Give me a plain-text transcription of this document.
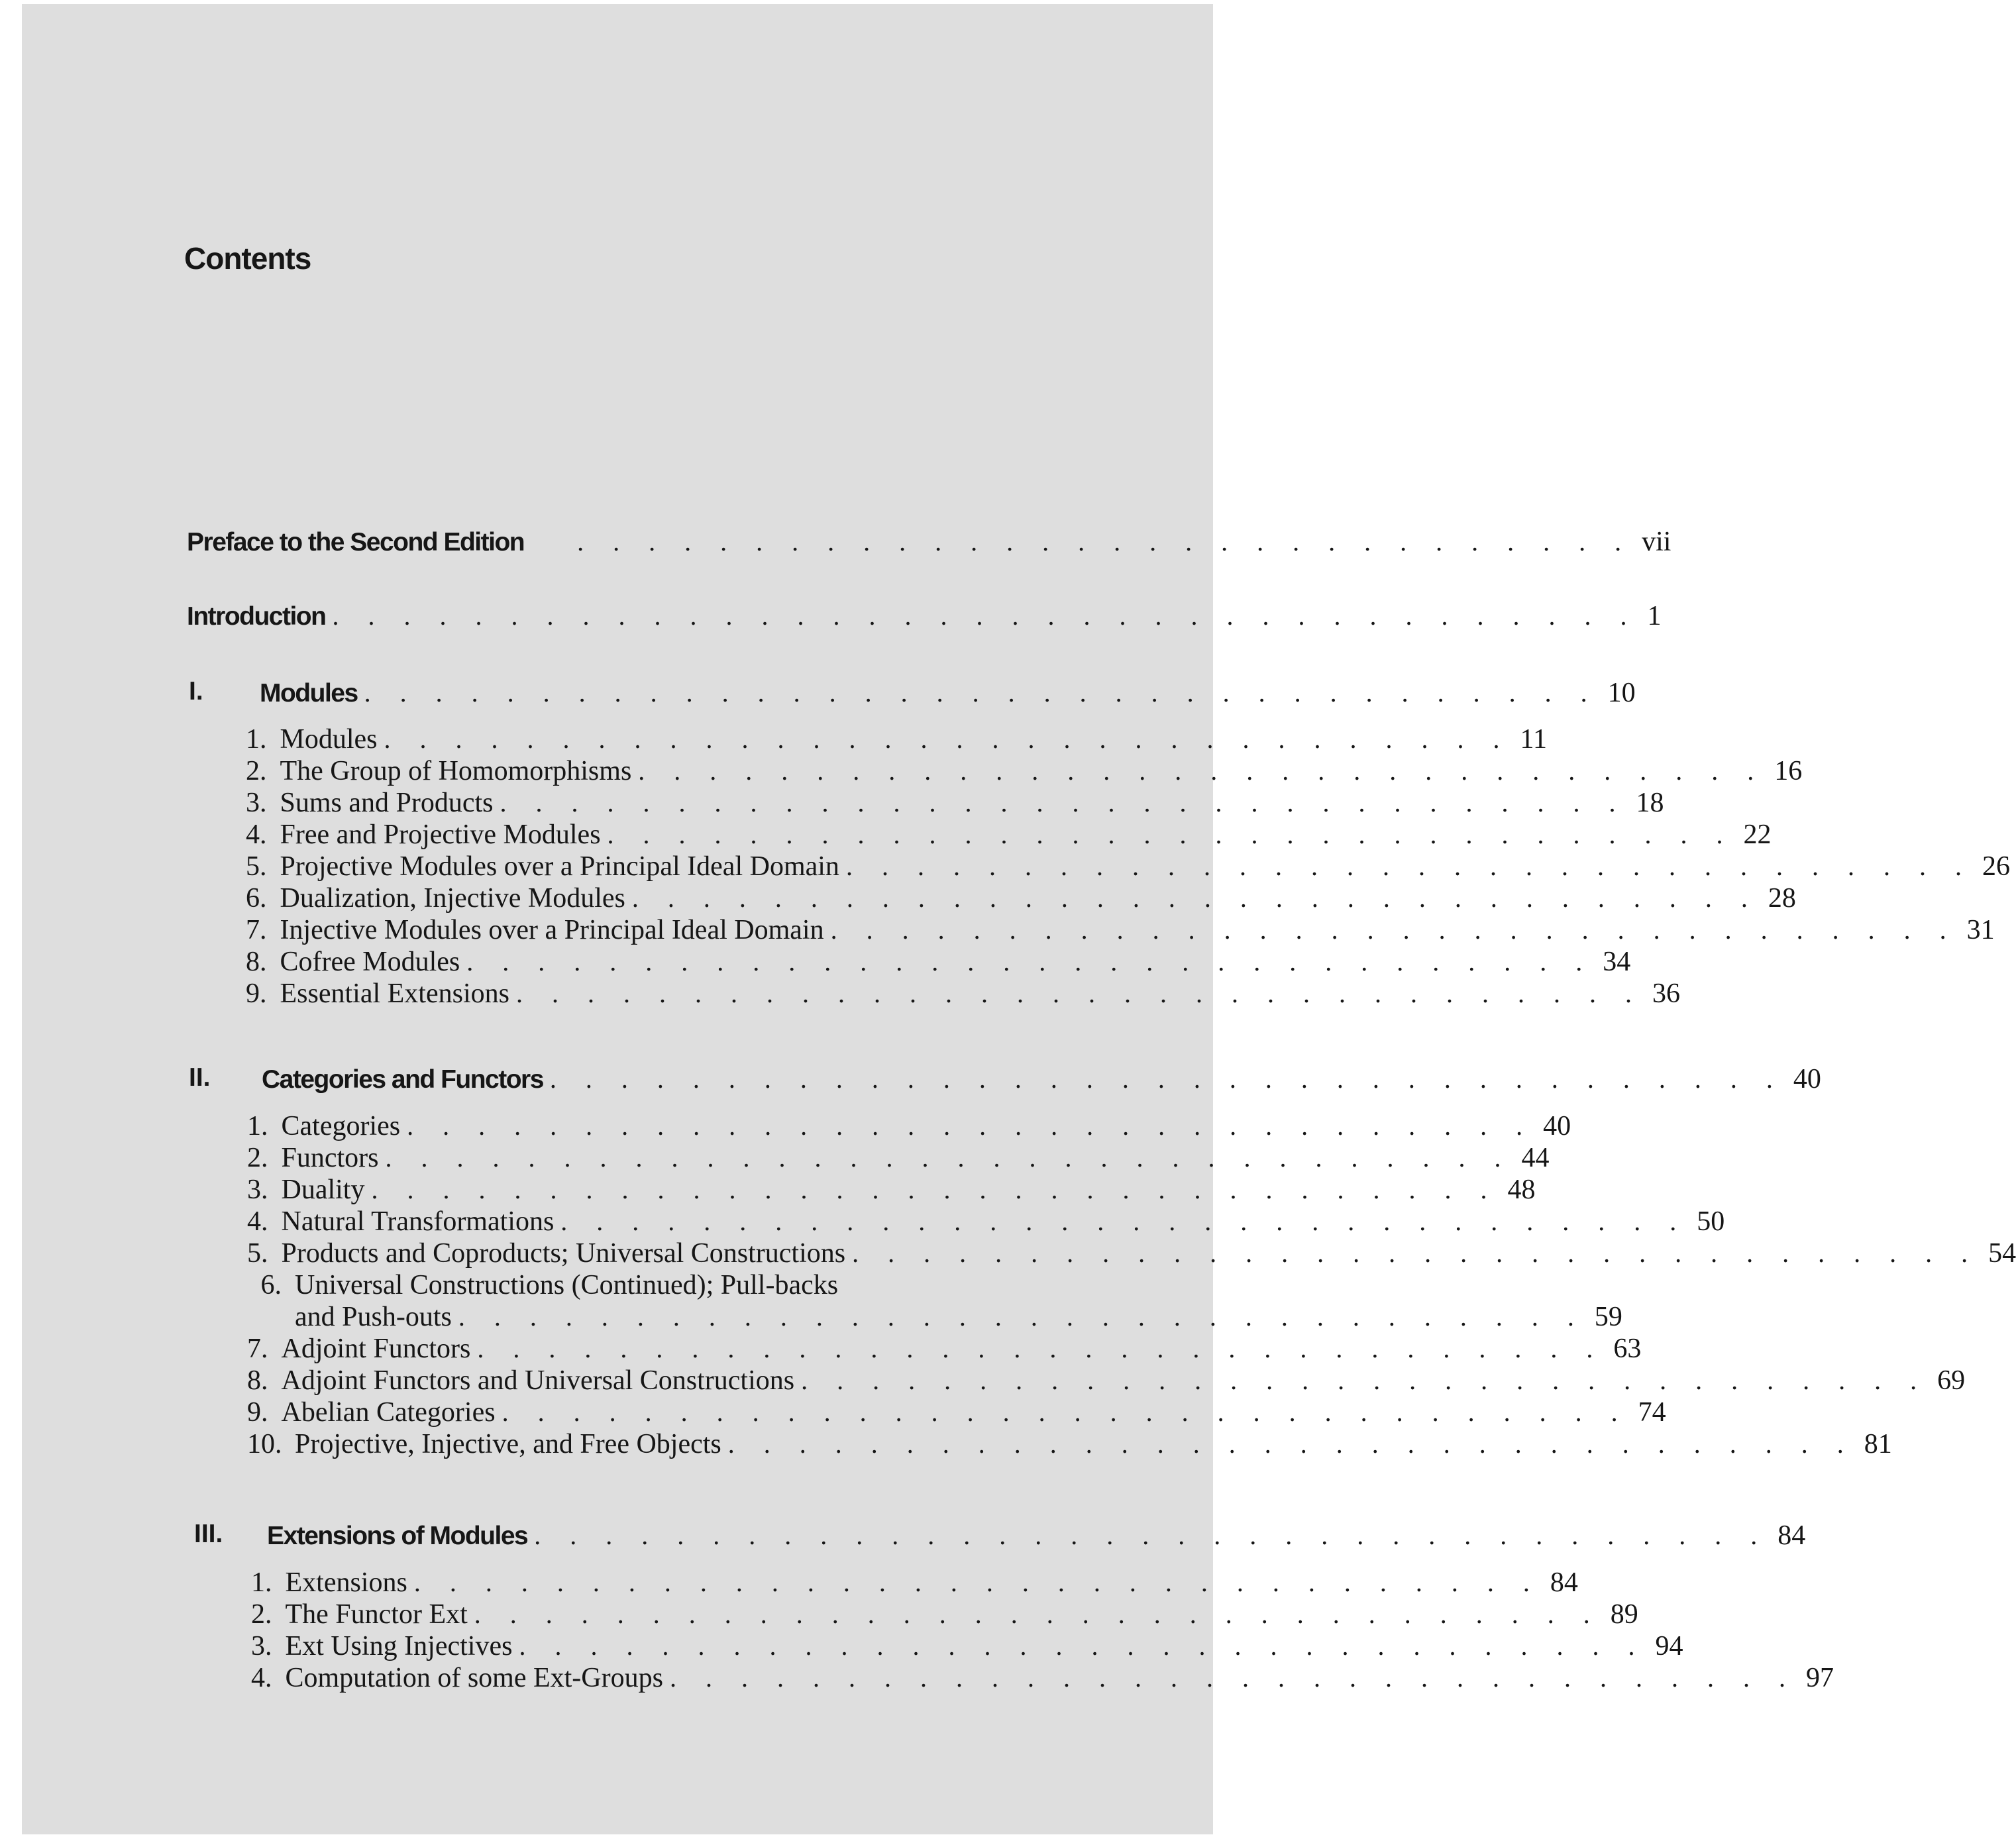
Contents
Preface to the Second Edition . . . . . . . . . . . . . . . . . . . . . . . . . . . . . . vii
Introduction . . . . . . . . . . . . . . . . . . . . . . . . . . . . . . . . . . . . . 1
I. Modules . . . . . . . . . . . . . . . . . . . . . . . . . . . . . . . . . . . 10
1. Modules . . . . . . . . . . . . . . . . . . . . . . . . . . . . . . . . 11
2. The Group of Homomorphisms . . . . . . . . . . . . . . . . . . . . . . . . . . . . . . . . 16
3. Sums and Products . . . . . . . . . . . . . . . . . . . . . . . . . . . . . . . . 18
4. Free and Projective Modules . . . . . . . . . . . . . . . . . . . . . . . . . . . . . . . . 22
5. Projective Modules over a Principal Ideal Domain . . . . . . . . . . . . . . . . . . . . . . . . . . . . . . . . 26
6. Dualization, Injective Modules . . . . . . . . . . . . . . . . . . . . . . . . . . . . . . . . 28
7. Injective Modules over a Principal Ideal Domain . . . . . . . . . . . . . . . . . . . . . . . . . . . . . . . . 31
8. Cofree Modules . . . . . . . . . . . . . . . . . . . . . . . . . . . . . . . . 34
9. Essential Extensions . . . . . . . . . . . . . . . . . . . . . . . . . . . . . . . . 36
II. Categories and Functors . . . . . . . . . . . . . . . . . . . . . . . . . . . . . . . . . . . 40
1. Categories . . . . . . . . . . . . . . . . . . . . . . . . . . . . . . . . 40
2. Functors . . . . . . . . . . . . . . . . . . . . . . . . . . . . . . . . 44
3. Duality . . . . . . . . . . . . . . . . . . . . . . . . . . . . . . . . 48
4. Natural Transformations . . . . . . . . . . . . . . . . . . . . . . . . . . . . . . . . 50
5. Products and Coproducts; Universal Constructions . . . . . . . . . . . . . . . . . . . . . . . . . . . . . . . . 54
6. Universal Constructions (Continued); Pull-backs
and Push-outs . . . . . . . . . . . . . . . . . . . . . . . . . . . . . . . . 59
7. Adjoint Functors . . . . . . . . . . . . . . . . . . . . . . . . . . . . . . . . 63
8. Adjoint Functors and Universal Constructions . . . . . . . . . . . . . . . . . . . . . . . . . . . . . . . . 69
9. Abelian Categories . . . . . . . . . . . . . . . . . . . . . . . . . . . . . . . . 74
10. Projective, Injective, and Free Objects . . . . . . . . . . . . . . . . . . . . . . . . . . . . . . . . 81
III. Extensions of Modules . . . . . . . . . . . . . . . . . . . . . . . . . . . . . . . . . . . 84
1. Extensions . . . . . . . . . . . . . . . . . . . . . . . . . . . . . . . . 84
2. The Functor Ext . . . . . . . . . . . . . . . . . . . . . . . . . . . . . . . . 89
3. Ext Using Injectives . . . . . . . . . . . . . . . . . . . . . . . . . . . . . . . . 94
4. Computation of some Ext-Groups . . . . . . . . . . . . . . . . . . . . . . . . . . . . . . . . 97
